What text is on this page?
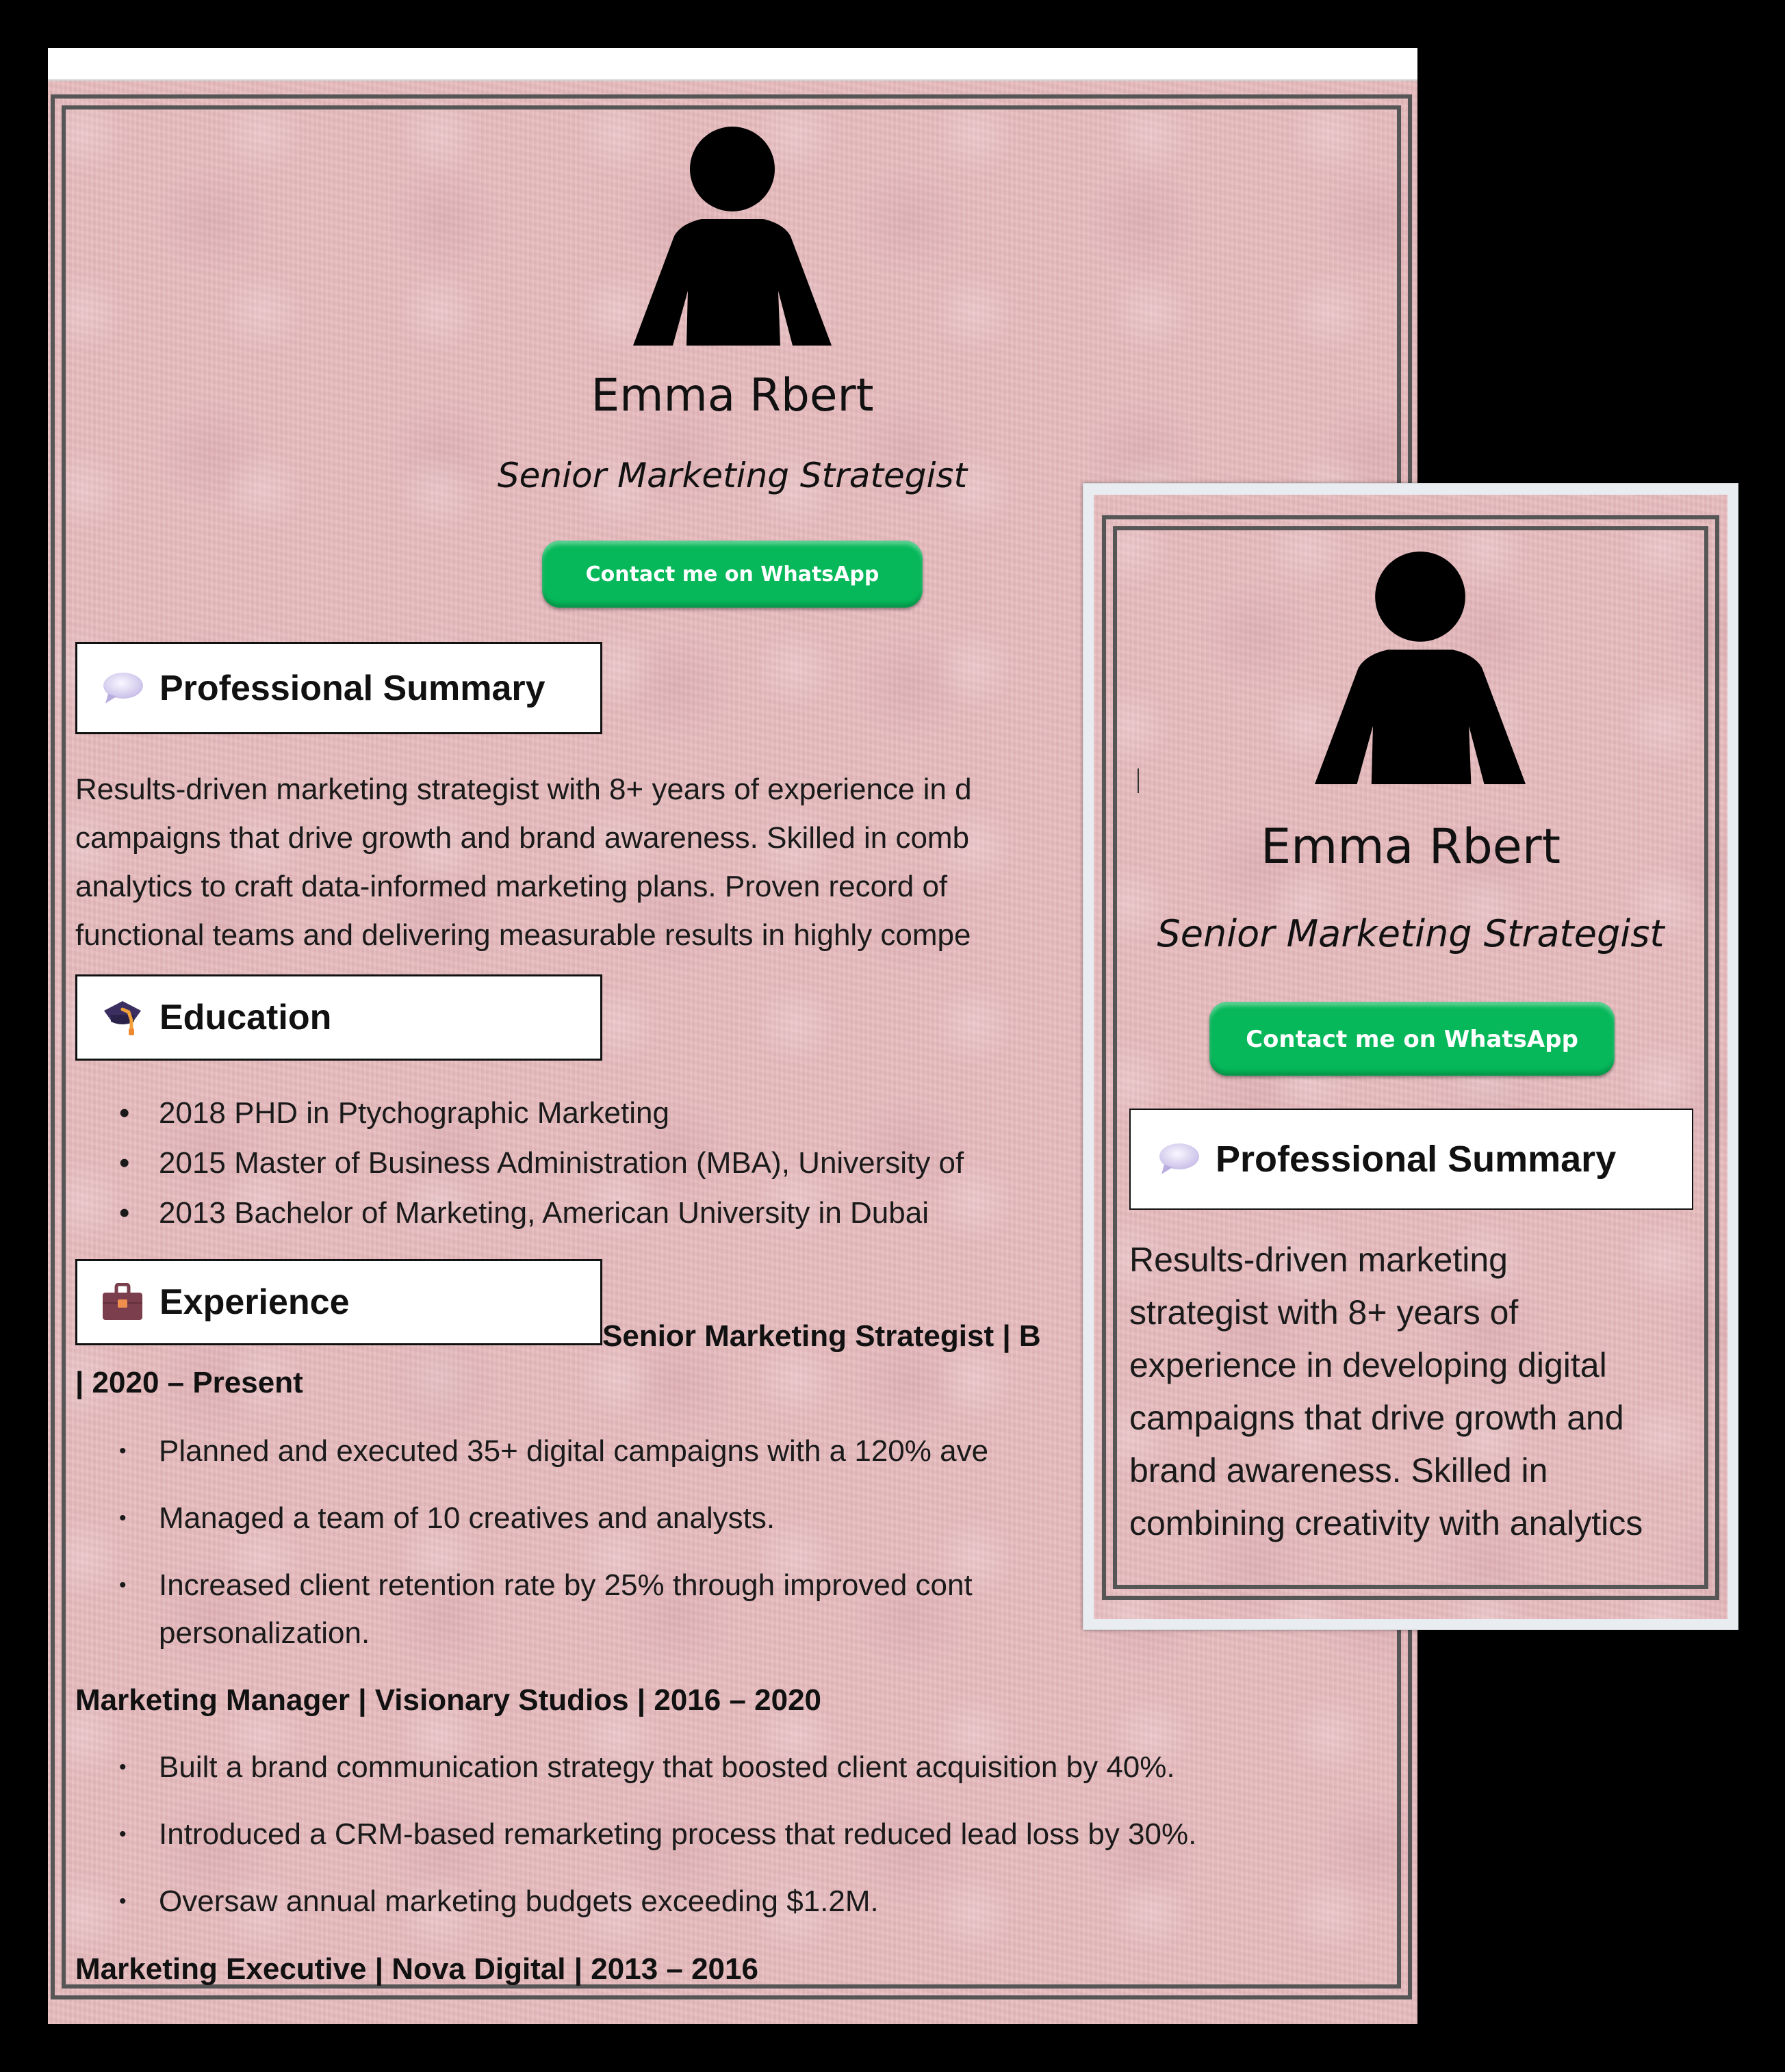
Emma Rbert
Senior Marketing Strategist
Contact me on WhatsApp
Professional Summary
Results-driven marketing strategist with 8+ years of experience in d
campaigns that drive growth and brand awareness. Skilled in comb
analytics to craft data-informed marketing plans. Proven record of
functional teams and delivering measurable results in highly compe
Education
• 2018 PHD in Ptychographic Marketing
• 2015 Master of Business Administration (MBA), University of
• 2013 Bachelor of Marketing, American University in Dubai
Experience
Senior Marketing Strategist | B
| 2020 – Present
• Planned and executed 35+ digital campaigns with a 120% ave
• Managed a team of 10 creatives and analysts.
• Increased client retention rate by 25% through improved cont
personalization.
Marketing Manager | Visionary Studios | 2016 – 2020
• Built a brand communication strategy that boosted client acquisition by 40%.
• Introduced a CRM-based remarketing process that reduced lead loss by 30%.
• Oversaw annual marketing budgets exceeding $1.2M.
Marketing Executive | Nova Digital | 2013 – 2016
Emma Rbert
Senior Marketing Strategist
Contact me on WhatsApp
Professional Summary
Results-driven marketing
strategist with 8+ years of
experience in developing digital
campaigns that drive growth and
brand awareness. Skilled in
combining creativity with analytics
